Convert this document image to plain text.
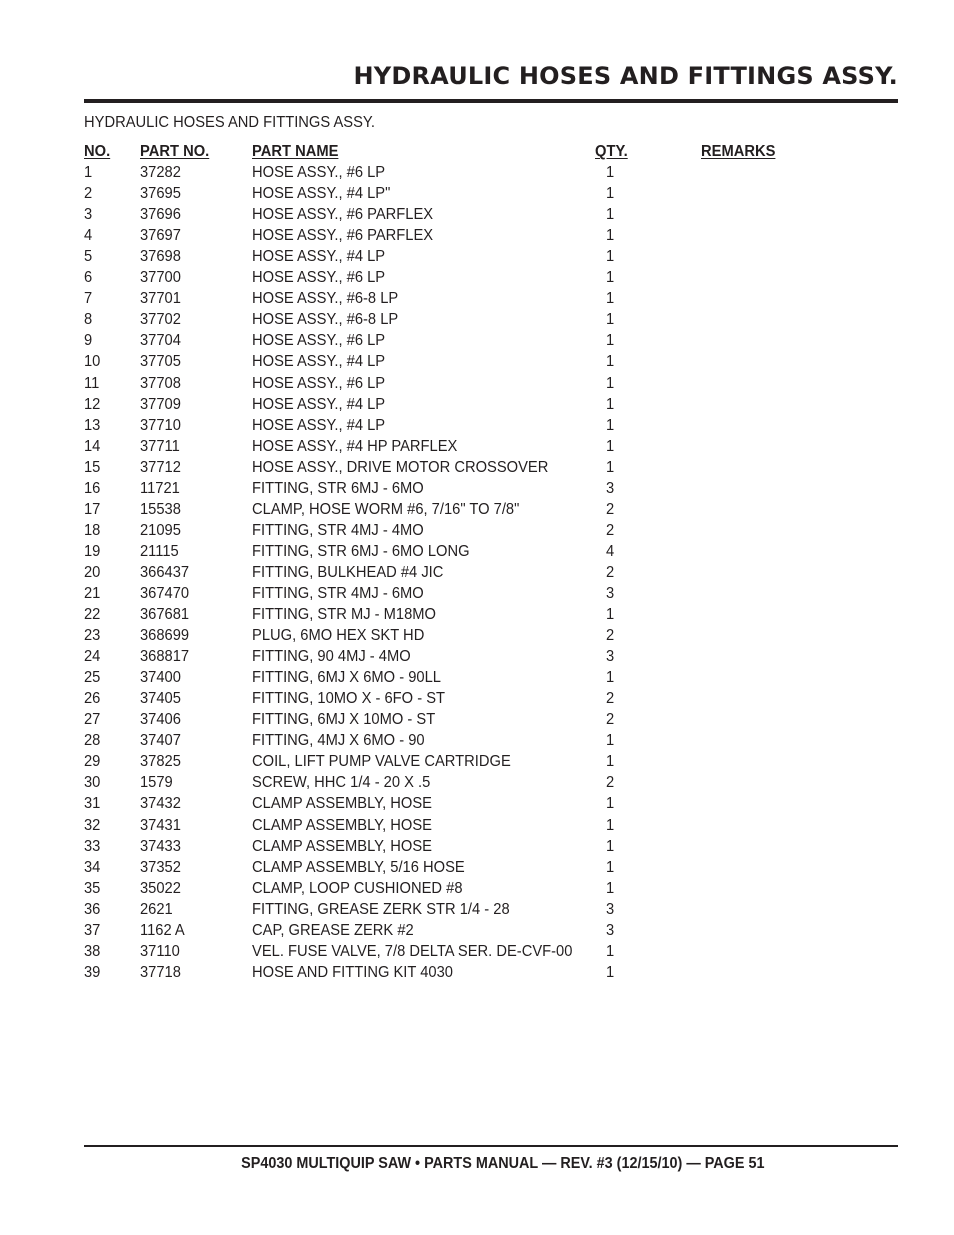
HYDRAULIC HOSES AND FITTINGS ASSY.
HYDRAULIC HOSES AND FITTINGS ASSY.
NO. PART NO.	PART NAME	QTY.	REMARKS
1	37282	HOSE ASSY., #6 LP	1
2	37695	HOSE ASSY., #4 LP"	1
3	37696	HOSE ASSY., #6 PARFLEX	1
4	37697	HOSE ASSY., #6 PARFLEX	1
5	37698	HOSE ASSY., #4 LP	1
6	37700	HOSE ASSY., #6 LP	1
7	37701	HOSE ASSY., #6-8 LP	1
8	37702	HOSE ASSY., #6-8 LP	1
9	37704	HOSE ASSY., #6 LP	1
10 37705	HOSE ASSY., #4 LP	1
11	37708	HOSE ASSY., #6 LP	1
12 37709	HOSE ASSY., #4 LP	1
13 37710	HOSE ASSY., #4 LP	1
14 37711	HOSE ASSY., #4 HP PARFLEX	1
15 37712	HOSE ASSY., DRIVE MOTOR CROSSOVER	1
16 11721	FITTING, STR 6MJ - 6MO	3
17 15538	CLAMP, HOSE WORM #6, 7/16" TO 7/8"	2
18 21095	FITTING, STR 4MJ - 4MO	2
19 21115	FITTING, STR 6MJ - 6MO LONG	4
20 366437	FITTING, BULKHEAD #4 JIC	2
21 367470	FITTING, STR 4MJ - 6MO	3
22 367681	FITTING, STR MJ - M18MO	1
23 368699	PLUG, 6MO HEX SKT HD	2
24 368817	FITTING, 90 4MJ - 4MO	3
25 37400	FITTING, 6MJ X 6MO - 90LL	1
26 37405	FITTING, 10MO X - 6FO - ST	2
27 37406	FITTING, 6MJ X 10MO - ST	2
28 37407	FITTING, 4MJ X 6MO - 90	1
29 37825	COIL, LIFT PUMP VALVE CARTRIDGE	1
30 1579	SCREW, HHC 1/4 - 20 X .5	2
31 37432	CLAMP ASSEMBLY, HOSE	1
32 37431	CLAMP ASSEMBLY, HOSE	1
33 37433	CLAMP ASSEMBLY, HOSE	1
34 37352	CLAMP ASSEMBLY, 5/16 HOSE	1
35 35022	CLAMP, LOOP CUSHIONED #8	1
36 2621	FITTING, GREASE ZERK STR 1/4 - 28	3
37 1162 A	CAP, GREASE ZERK #2	3
38 37110	VEL. FUSE VALVE, 7/8 DELTA SER. DE-CVF-00 1
39 37718	HOSE AND FITTING KIT 4030	1
SP4030 MULTIQUIP SAW • PARTS MANUAL — REV. #3 (12/15/10) — PAGE 51
